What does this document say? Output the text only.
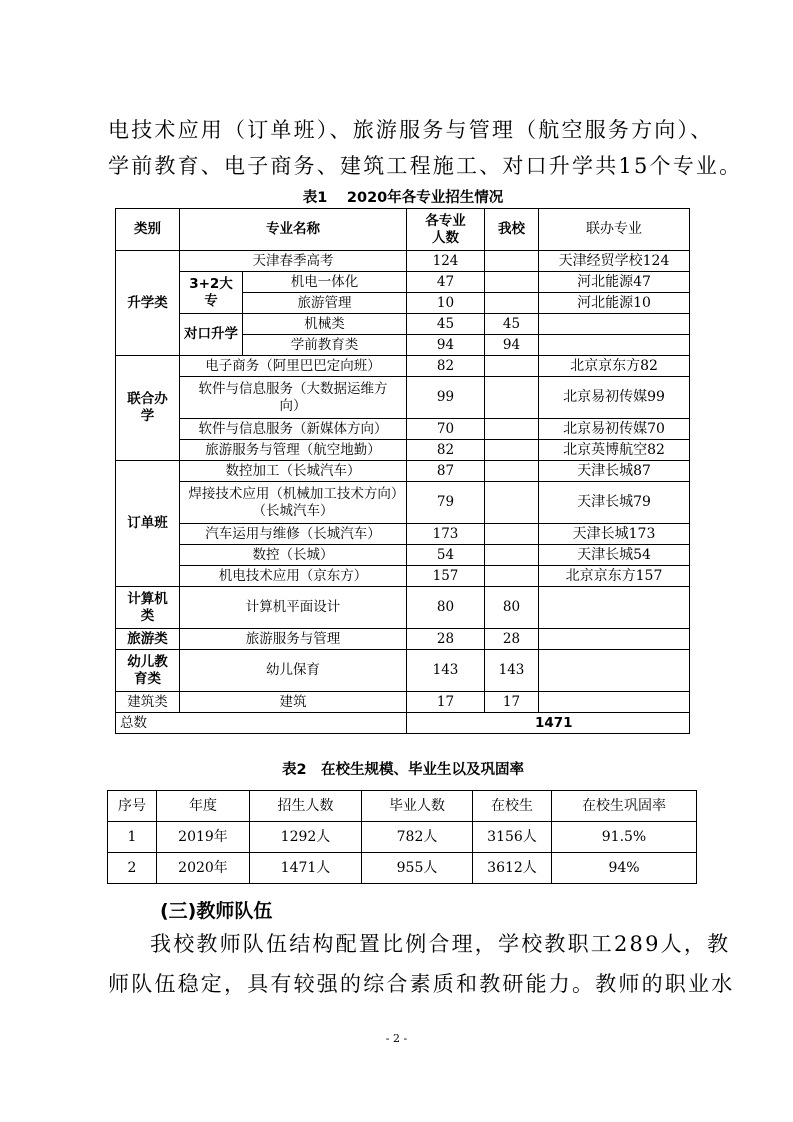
电技术应用（订单班）、旅游服务与管理（航空服务方向）、
学前教育、电子商务、建筑工程施工、对口升学共15个专业。
表1　 2020年各专业招生情况
类别	专业名称		各专业人数	我校	联办专业
升学类	天津春季高考		124		天津经贸学校124
	3+2大专	机电一体化	47		河北能源47
		旅游管理	10		河北能源10
	对口升学	机械类	45	45	
		学前教育类	94	94	
联合办学	电子商务（阿里巴巴定向班）		82		北京京东方82
	软件与信息服务（大数据运维方向）		99		北京易初传媒99
	软件与信息服务（新媒体方向）		70		北京易初传媒70
	旅游服务与管理（航空地勤）		82		北京英博航空82
订单班	数控加工（长城汽车）		87		天津长城87
	焊接技术应用（机械加工技术方向）（长城汽车）		79		天津长城79
	汽车运用与维修（长城汽车）		173		天津长城173
	数控（长城）		54		天津长城54
	机电技术应用（京东方）		157		北京京东方157
计算机类	计算机平面设计		80	80	
旅游类	旅游服务与管理		28	28	
幼儿教育类	幼儿保育		143	143	
建筑类	建筑		17	17	
总数			1471		
表2　在校生规模、毕业生以及巩固率
序号	年度	招生人数	毕业人数	在校生	在校生巩固率
1	2019年	1292人	782人	3156人	91.5%
2	2020年	1471人	955人	3612人	94%
(三)教师队伍
我校教师队伍结构配置比例合理，学校教职工289人，教
师队伍稳定，具有较强的综合素质和教研能力。教师的职业水
- 2 -
